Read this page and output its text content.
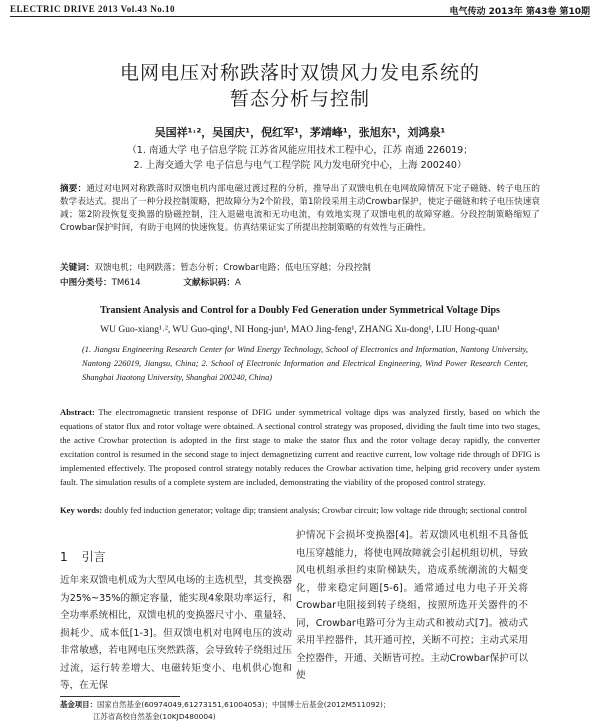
ELECTRIC DRIVE 2013 Vol.43 No.10	电气传动 2013年 第43卷 第10期
电网电压对称跌落时双馈风力发电系统的
暂态分析与控制
吴国祥¹˒²，吴国庆¹，倪红军¹，茅靖峰¹，张旭东¹，刘鸿泉¹
（1. 南通大学 电子信息学院 江苏省风能应用技术工程中心，江苏 南通 226019；
2. 上海交通大学 电子信息与电气工程学院 风力发电研究中心，上海 200240）
摘要：通过对电网对称跌落时双馈电机内部电磁过渡过程的分析，推导出了双馈电机在电网故障情况下定子磁链、转子电压的数学表达式。提出了一种分段控制策略，把故障分为2个阶段，第1阶段采用主动Crowbar保护，使定子磁链和转子电压快速衰减；第2阶段恢复变换器的励磁控制，注入退磁电流和无功电流，有效地实现了双馈电机的故障穿越。分段控制策略缩短了Crowbar保护时间，有助于电网的快速恢复。仿真结果证实了所提出控制策略的有效性与正确性。
关键词：双馈电机；电网跌落；暂态分析；Crowbar电路；低电压穿越；分段控制
中图分类号：TM614	文献标识码：A
Transient Analysis and Control for a Doubly Fed Generation under Symmetrical Voltage Dips
WU Guo-xiang¹˒², WU Guo-qing¹, NI Hong-jun¹, MAO Jing-feng¹, ZHANG Xu-dong¹, LIU Hong-quan¹
(1. Jiangsu Engineering Research Center for Wind Energy Technology, School of Electronics and Information, Nantong University, Nantong 226019, Jiangsu, China; 2. School of Electronic Information and Electrical Engineering, Wind Power Research Center, Shanghai Jiaotong University, Shanghai 200240, China)
Abstract: The electromagnetic transient response of DFIG under symmetrical voltage dips was analyzed firstly, based on which the equations of stator flux and rotor voltage were obtained. A sectional control strategy was proposed, dividing the fault time into two stages, the active Crowbar protection is adopted in the first stage to make the stator flux and the rotor voltage decay rapidly, the converter excitation control is resumed in the second stage to inject demagnetizing current and reactive current, low voltage ride through of DFIG is implemented effectively. The proposed control strategy notably reduces the Crowbar activation time, helping grid recovery under system fault. The simulation results of a complete system are included, demonstrating the viability of the proposed control strategy.
Key words: doubly fed induction generator; voltage dip; transient analysis; Crowbar circuit; low voltage ride through; sectional control
1 引言
近年来双馈电机成为大型风电场的主选机型，其变换器为25%~35%的额定容量，能实现4象限功率运行，和全功率系统相比，双馈电机的变换器尺寸小、重量轻、损耗少、成本低[1-3]。但双馈电机对电网电压的波动非常敏感，若电网电压突然跌落，会导致转子绕组过压过流，运行转差增大、电磁转矩变小、电机供心饱和等，在无保
护情况下会损坏变换器[4]。若双馈风电机组不具备低电压穿越能力，将使电网故障就会引起机组切机，导致风电机组承担约束阶梯缺失，造成系统潮流的大幅变化，带来稳定问题[5-6]。通常通过电力电子开关将Crowbar电阻接到转子绕组，按照所选开关器件的不同，Crowbar电路可分为主动式和被动式[7]。被动式采用半控器件，其开通可控，关断不可控；主动式采用全控器件，开通、关断皆可控。主动Crowbar保护可以使
基金项目：国家自然基金(60974049,61273151,61004053)；中国博士后基金(2012M511092)；
江苏省高校自然基金(10KJD480004)
